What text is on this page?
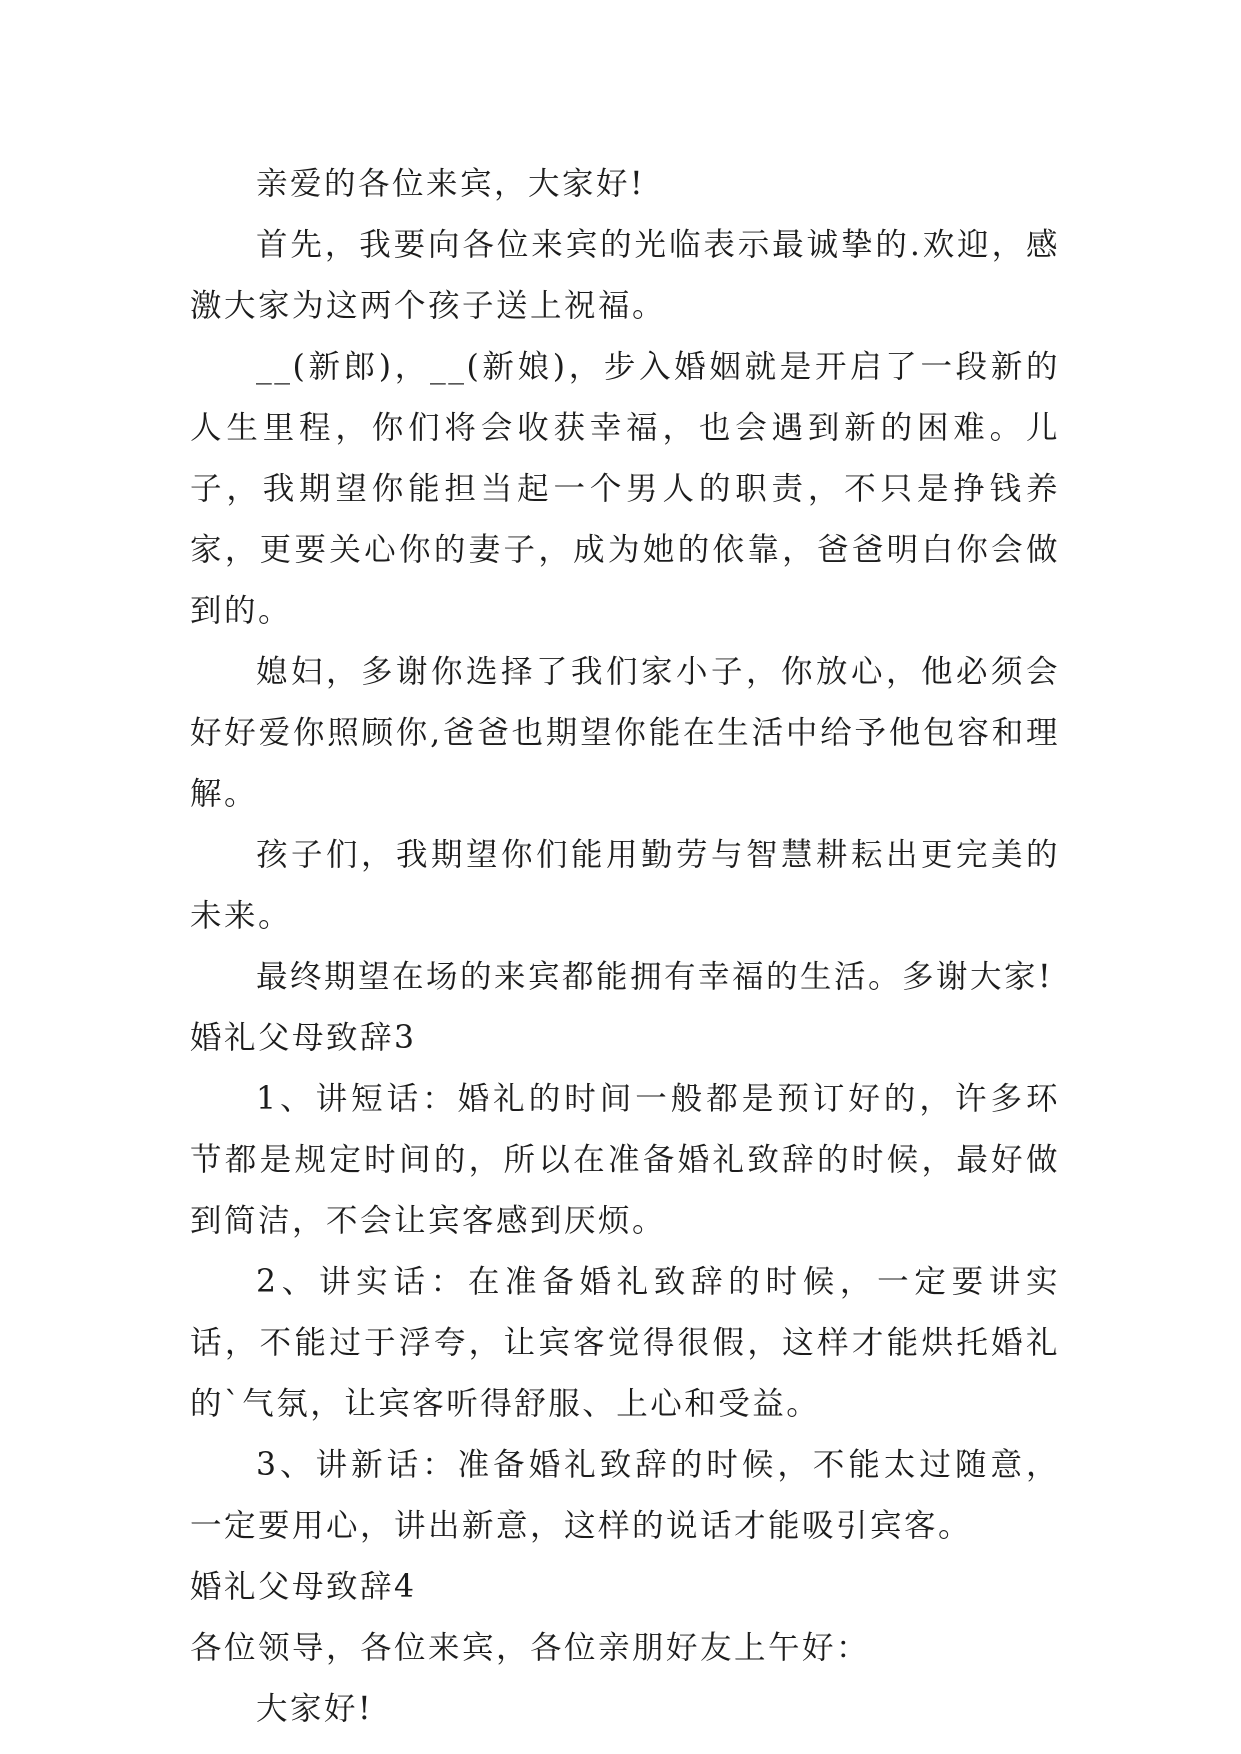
亲爱的各位来宾，大家好!

首先，我要向各位来宾的光临表示最诚挚的.欢迎，感激大家为这两个孩子送上祝福。

__(新郎)，__(新娘)，步入婚姻就是开启了一段新的人生里程，你们将会收获幸福，也会遇到新的困难。儿子，我期望你能担当起一个男人的职责，不只是挣钱养家，更要关心你的妻子，成为她的依靠，爸爸明白你会做到的。

媳妇，多谢你选择了我们家小子，你放心，他必须会好好爱你照顾你,爸爸也期望你能在生活中给予他包容和理解。

孩子们，我期望你们能用勤劳与智慧耕耘出更完美的未来。

最终期望在场的来宾都能拥有幸福的生活。多谢大家!

婚礼父母致辞3

1、讲短话：婚礼的时间一般都是预订好的，许多环节都是规定时间的，所以在准备婚礼致辞的时候，最好做到简洁，不会让宾客感到厌烦。

2、讲实话：在准备婚礼致辞的时候，一定要讲实话，不能过于浮夸，让宾客觉得很假，这样才能烘托婚礼的`气氛，让宾客听得舒服、上心和受益。

3、讲新话：准备婚礼致辞的时候，不能太过随意，一定要用心，讲出新意，这样的说话才能吸引宾客。

婚礼父母致辞4

各位领导，各位来宾，各位亲朋好友上午好：

大家好!
